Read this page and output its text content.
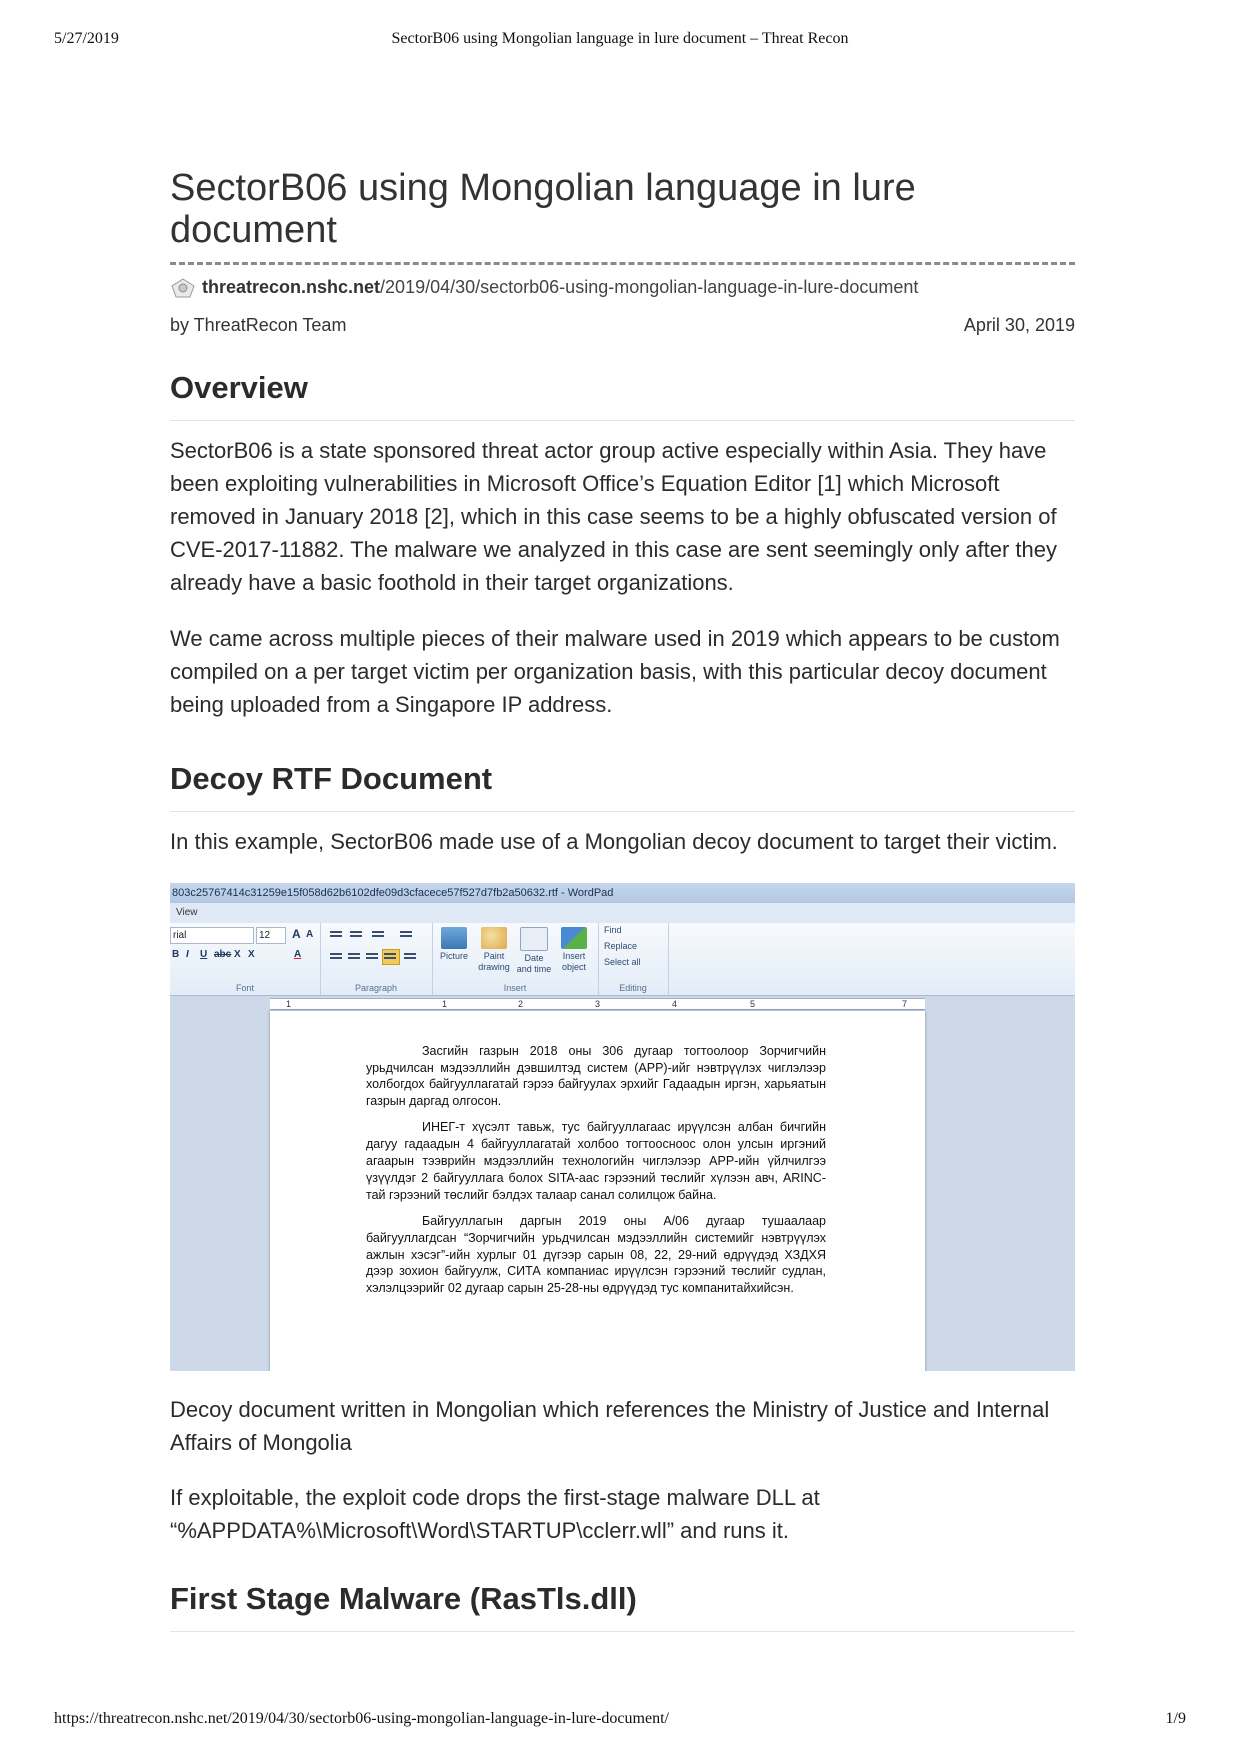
5/27/2019	SectorB06 using Mongolian language in lure document – Threat Recon
SectorB06 using Mongolian language in lure document
threatrecon.nshc.net /2019/04/30/sectorb06-using-mongolian-language-in-lure-document
by ThreatRecon Team	April 30, 2019
Overview

SectorB06 is a state sponsored threat actor group active especially within Asia. They have been exploiting vulnerabilities in Microsoft Office’s Equation Editor [1] which Microsoft removed in January 2018 [2], which in this case seems to be a highly obfuscated version of CVE-2017-11882. The malware we analyzed in this case are sent seemingly only after they already have a basic foothold in their target organizations.

We came across multiple pieces of their malware used in 2019 which appears to be custom compiled on a per target victim per organization basis, with this particular decoy document being uploaded from a Singapore IP address.

Decoy RTF Document

In this example, SectorB06 made use of a Mongolian decoy document to target their victim.

803c25767414c31259e15f058d62b6102dfe09d3cfacece57f527d7fb2a50632.rtf - WordPad
View
rial	12	A A
B I U abc X X	A
Font	Paragraph
Picture	Paint drawing
Date and time
Insert object
Insert
Find
Replace
Select all
Editing
1	1	2	3	4	5	7

Засгийн газрын 2018 оны 306 дугаар тогтоолоор Зорчигчийн урьдчилсан мэдээллийн дэвшилтэд систем (APP)-ийг нэвтрүүлэх чиглэлээр холбогдох байгууллагатай гэрээ байгуулах эрхийг Гадаадын иргэн, харьяатын газрын даргад олгосон.

ИНЕГ-т хүсэлт тавьж, тус байгууллагаас ирүүлсэн албан бичгийн дагуу гадаадын 4 байгууллагатай холбоо тогтоосноос олон улсын иргэний агаарын тээврийн мэдээллийн технологийн чиглэлээр APP-ийн үйлчилгээ үзүүлдэг 2 байгууллага болох SITA-аас гэрээний төслийг хүлээн авч, ARINC-тай гэрээний төслийг бэлдэх талаар санал солилцож байна.

Байгууллагын даргын 2019 оны А/06 дугаар тушаалаар байгууллагдсан “Зорчигчийн урьдчилсан мэдээллийн системийг нэвтрүүлэх ажлын хэсэг”-ийн хурлыг 01 дүгээр сарын 08, 22, 29-ний өдрүүдэд ХЗДХЯ дээр зохион байгуулж, СИТА компаниас ирүүлсэн гэрээний төслийг судлан, хэлэлцээрийг 02 дугаар сарын 25-28-ны өдрүүдэд тус компанитайхийсэн.

Decoy document written in Mongolian which references the Ministry of Justice and Internal Affairs of Mongolia

If exploitable, the exploit code drops the first-stage malware DLL at “%APPDATA%\Microsoft\Word\STARTUP\cclerr.wll” and runs it.

First Stage Malware (RasTls.dll)
https://threatrecon.nshc.net/2019/04/30/sectorb06-using-mongolian-language-in-lure-document/	1/9
